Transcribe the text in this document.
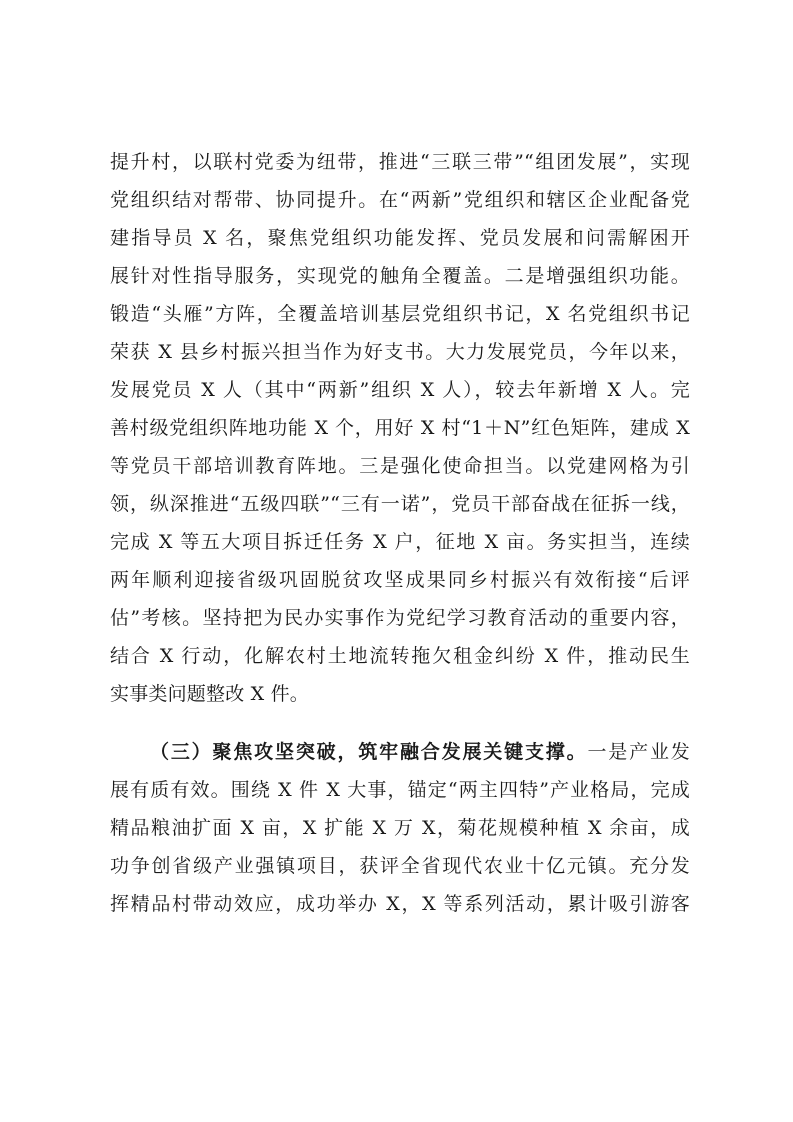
提升村，以联村党委为纽带，推进“三联三带”“组团发展”，实现
党组织结对帮带、协同提升。在“两新”党组织和辖区企业配备党
建指导员 X 名，聚焦党组织功能发挥、党员发展和问需解困开
展针对性指导服务，实现党的触角全覆盖。二是增强组织功能。
锻造“头雁”方阵，全覆盖培训基层党组织书记，X 名党组织书记
荣获 X 县乡村振兴担当作为好支书。大力发展党员，今年以来，
发展党员 X 人（其中“两新”组织 X 人），较去年新增 X 人。完
善村级党组织阵地功能 X 个，用好 X 村“1＋N”红色矩阵，建成 X
等党员干部培训教育阵地。三是强化使命担当。以党建网格为引
领，纵深推进“五级四联”“三有一诺”，党员干部奋战在征拆一线，
完成 X 等五大项目拆迁任务 X 户，征地 X 亩。务实担当，连续
两年顺利迎接省级巩固脱贫攻坚成果同乡村振兴有效衔接“后评
估”考核。坚持把为民办实事作为党纪学习教育活动的重要内容，
结合 X 行动，化解农村土地流转拖欠租金纠纷 X 件，推动民生
实事类问题整改 X 件。
（三）聚焦攻坚突破，筑牢融合发展关键支撑。一是产业发
展有质有效。围绕 X 件 X 大事，锚定“两主四特”产业格局，完成
精品粮油扩面 X 亩，X 扩能 X 万 X，菊花规模种植 X 余亩，成
功争创省级产业强镇项目，获评全省现代农业十亿元镇。充分发
挥精品村带动效应，成功举办 X，X 等系列活动，累计吸引游客
